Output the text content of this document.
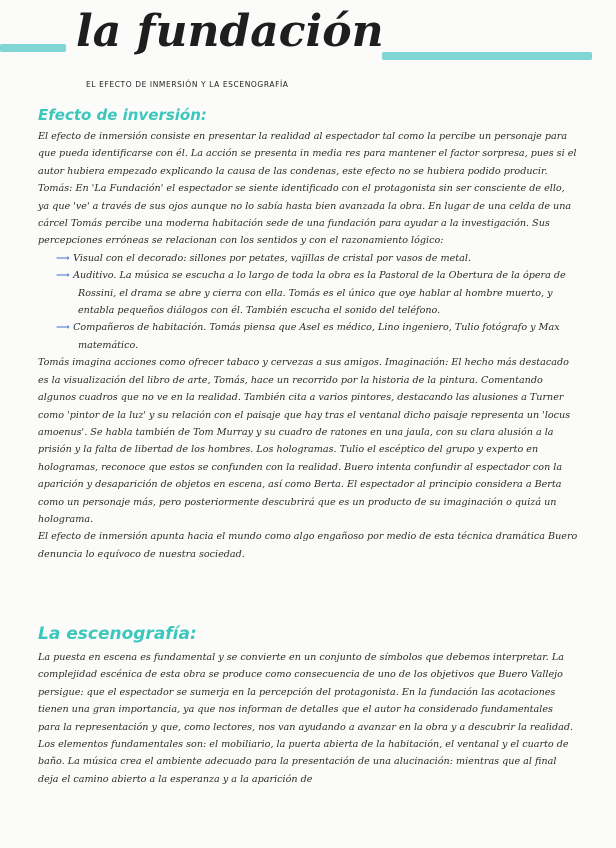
la fundación
EL EFECTO DE INMERSIÓN Y LA ESCENOGRAFÍA
Efecto de inversión:

El efecto de inmersión consiste en presentar la realidad al espectador tal como la percibe un personaje para que pueda identificarse con él. La acción se presenta in media res para mantener el factor sorpresa, pues si el autor hubiera empezado explicando la causa de las condenas, este efecto no se hubiera podido producir. Tomás: En 'La Fundación' el espectador se siente identificado con el protagonista sin ser consciente de ello, ya que 've' a través de sus ojos aunque no lo sabía hasta bien avanzada la obra. En lugar de una celda de una cárcel Tomás percibe una moderna habitación sede de una fundación para ayudar a la investigación. Sus percepciones erróneas se relacionan con los sentidos y con el razonamiento lógico:

⟶ Visual con el decorado: sillones por petates, vajillas de cristal por vasos de metal.

⟶ Auditivo. La música se escucha a lo largo de toda la obra es la Pastoral de la Obertura de la ópera de Rossini, el drama se abre y cierra con ella. Tomás es el único que oye hablar al hombre muerto, y entabla pequeños diálogos con él. También escucha el sonido del teléfono.

⟶ Compañeros de habitación. Tomás piensa que Asel es médico, Lino ingeniero, Tulio fotógrafo y Max matemático.

Tomás imagina acciones como ofrecer tabaco y cervezas a sus amigos. Imaginación: El hecho más destacado es la visualización del libro de arte, Tomás, hace un recorrido por la historia de la pintura. Comentando algunos cuadros que no ve en la realidad. También cita a varios pintores, destacando las alusiones a Turner como 'pintor de la luz' y su relación con el paisaje que hay tras el ventanal dicho paisaje representa un 'locus amoenus'. Se habla también de Tom Murray y su cuadro de ratones en una jaula, con su clara alusión a la prisión y la falta de libertad de los hombres. Los hologramas. Tulio el escéptico del grupo y experto en hologramas, reconoce que estos se confunden con la realidad. Buero intenta confundir al espectador con la aparición y desaparición de objetos en escena, así como Berta. El espectador al principio considera a Berta como un personaje más, pero posteriormente descubrirá que es un producto de su imaginación o quizá un holograma.

El efecto de inmersión apunta hacia el mundo como algo engañoso por medio de esta técnica dramática Buero denuncia lo equívoco de nuestra sociedad.

La escenografía:

La puesta en escena es fundamental y se convierte en un conjunto de símbolos que debemos interpretar. La complejidad escénica de esta obra se produce como consecuencia de uno de los objetivos que Buero Vallejo persigue: que el espectador se sumerja en la percepción del protagonista. En la fundación las acotaciones tienen una gran importancia, ya que nos informan de detalles que el autor ha considerado fundamentales para la representación y que, como lectores, nos van ayudando a avanzar en la obra y a descubrir la realidad. Los elementos fundamentales son: el mobiliario, la puerta abierta de la habitación, el ventanal y el cuarto de baño. La música crea el ambiente adecuado para la presentación de una alucinación: mientras que al final deja el camino abierto a la esperanza y a la aparición de
